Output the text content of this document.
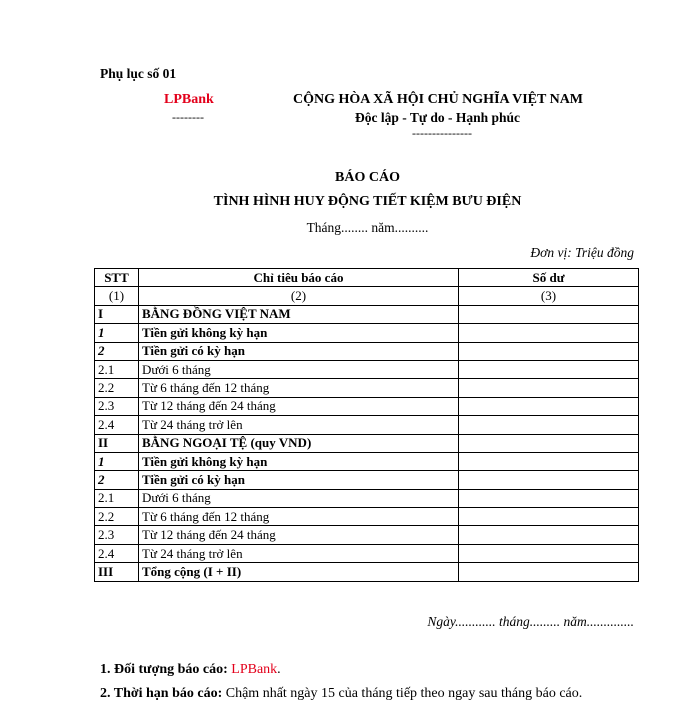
Phụ lục số 01
LPBank
--------
CỘNG HÒA XÃ HỘI CHỦ NGHĨA VIỆT NAM
Độc lập - Tự do - Hạnh phúc
---------------
BÁO CÁO
TÌNH HÌNH HUY ĐỘNG TIẾT KIỆM BƯU ĐIỆN
Tháng........ năm..........
Đơn vị: Triệu đồng
STT	Chỉ tiêu báo cáo	Số dư
(1)	(2)	(3)
I	BẰNG ĐỒNG VIỆT NAM	
1	Tiền gửi không kỳ hạn	
2	Tiền gửi có kỳ hạn	
2.1	Dưới 6 tháng	
2.2	Từ 6 tháng đến 12 tháng	
2.3	Từ 12 tháng đến 24 tháng	
2.4	Từ 24 tháng trở lên	
II	BẰNG NGOẠI TỆ (quy VND)	
1	Tiền gửi không kỳ hạn	
2	Tiền gửi có kỳ hạn	
2.1	Dưới 6 tháng	
2.2	Từ 6 tháng đến 12 tháng	
2.3	Từ 12 tháng đến 24 tháng	
2.4	Từ 24 tháng trở lên	
III	Tổng cộng (I + II)	
Ngày............ tháng......... năm..............
1. Đối tượng báo cáo: LPBank.
2. Thời hạn báo cáo: Chậm nhất ngày 15 của tháng tiếp theo ngay sau tháng báo cáo.
